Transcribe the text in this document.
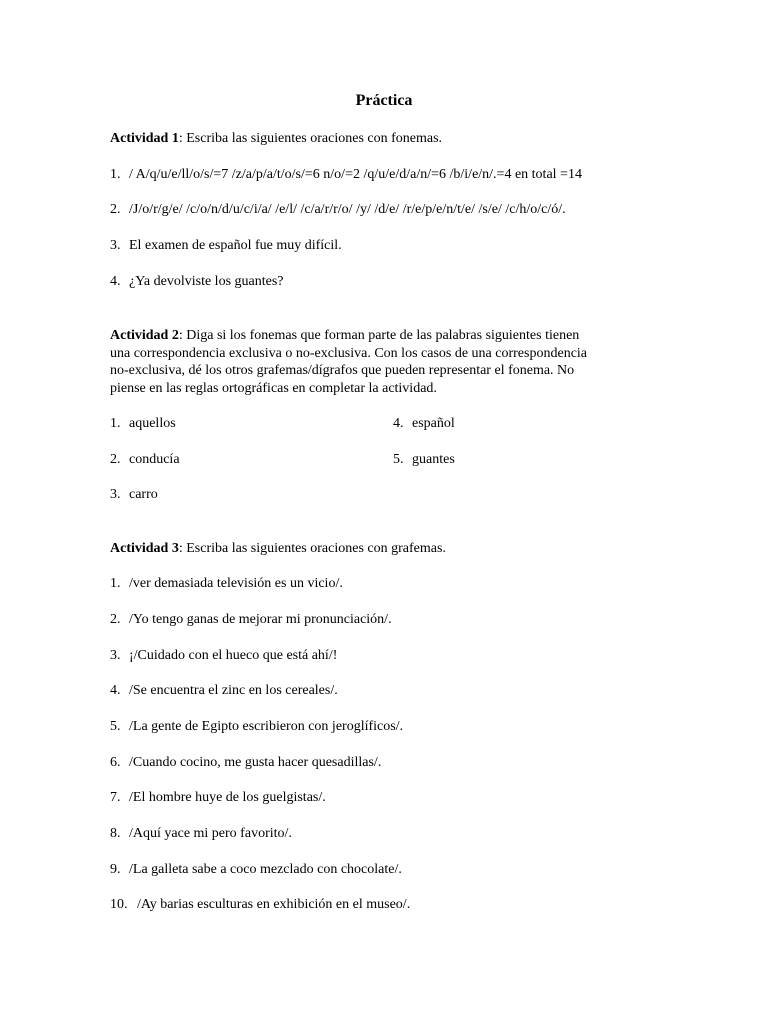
Práctica
Actividad 1: Escriba las siguientes oraciones con fonemas.
1. / A/q/u/e/ll/o/s/=7 /z/a/p/a/t/o/s/=6 n/o/=2 /q/u/e/d/a/n/=6 /b/i/e/n/.=4 en total =14
2. /J/o/r/g/e/ /c/o/n/d/u/c/i/a/ /e/l/ /c/a/r/r/o/ /y/ /d/e/ /r/e/p/e/n/t/e/ /s/e/ /c/h/o/c/ó/.
3. El examen de español fue muy difícil.
4. ¿Ya devolviste los guantes?
Actividad 2: Diga si los fonemas que forman parte de las palabras siguientes tienen
una correspondencia exclusiva o no-exclusiva. Con los casos de una correspondencia
no-exclusiva, dé los otros grafemas/dígrafos que pueden representar el fonema. No
piense en las reglas ortográficas en completar la actividad.
1. aquellos
2. conducía
3. carro
4. español
5. guantes
Actividad 3: Escriba las siguientes oraciones con grafemas.
1. /ver demasiada televisión es un vicio/.
2. /Yo tengo ganas de mejorar mi pronunciación/.
3. ¡/Cuidado con el hueco que está ahí/!
4. /Se encuentra el zinc en los cereales/.
5. /La gente de Egipto escribieron con jeroglíficos/.
6. /Cuando cocino, me gusta hacer quesadillas/.
7. /El hombre huye de los guelgistas/.
8. /Aquí yace mi pero favorito/.
9. /La galleta sabe a coco mezclado con chocolate/.
10. /Ay barias esculturas en exhibición en el museo/.
